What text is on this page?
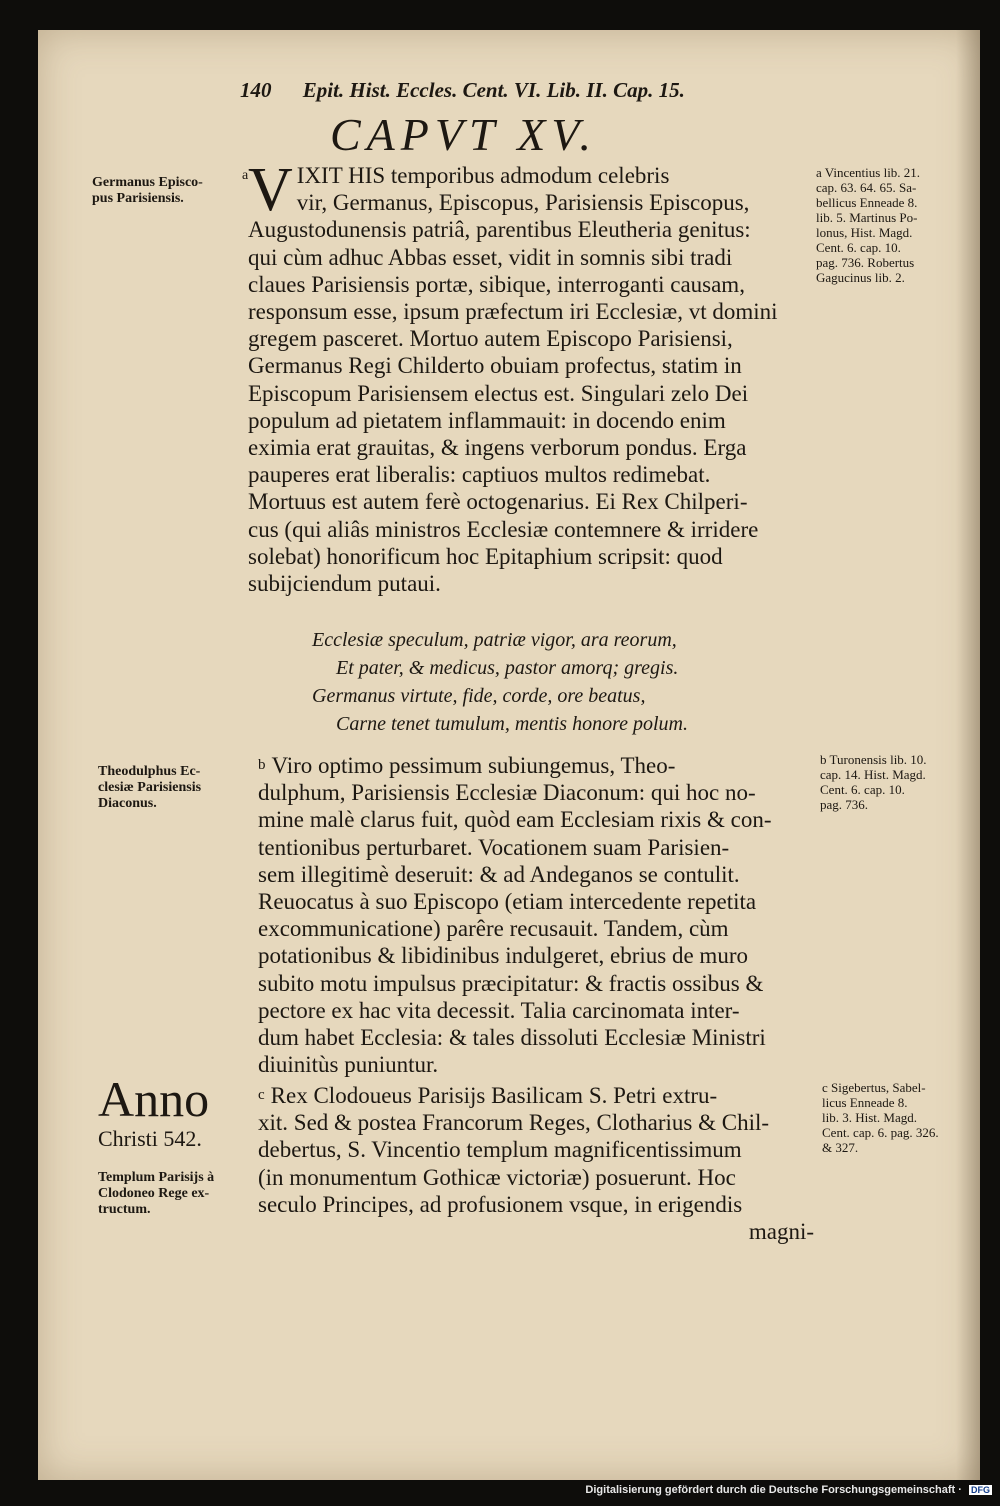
140 Epit. Hist. Eccles. Cent. VI. Lib. II. Cap. 15.
CAPVT XV.
Germanus Episco-
pus Parisiensis.
Theodulphus Ec-
clesiæ Parisiensis
Diaconus.
Anno
Christi 542.
Templum Parisijs à
Clodoneo Rege ex-
tructum.
a Vincentius lib. 21.
cap. 63. 64. 65. Sa-
bellicus Enneade 8.
lib. 5. Martinus Po-
lonus, Hist. Magd.
Cent. 6. cap. 10.
pag. 736. Robertus
Gagucinus lib. 2.
b Turonensis lib. 10.
cap. 14. Hist. Magd.
Cent. 6. cap. 10.
pag. 736.
c Sigebertus, Sabel-
licus Enneade 8.
lib. 3. Hist. Magd.
Cent. cap. 6. pag. 326.
& 327.
a V IXIT HIS temporibus admodum celebris
vir, Germanus, Episcopus, Parisiensis Episcopus,
Augustodunensis patriâ, parentibus Eleutheria genitus:
qui cùm adhuc Abbas esset, vidit in somnis sibi tradi
claues Parisiensis portæ, sibique, interroganti causam,
responsum esse, ipsum præfectum iri Ecclesiæ, vt domini
gregem pasceret. Mortuo autem Episcopo Parisiensi,
Germanus Regi Childerto obuiam profectus, statim in
Episcopum Parisiensem electus est. Singulari zelo Dei
populum ad pietatem inflammauit: in docendo enim
eximia erat grauitas, & ingens verborum pondus. Erga
pauperes erat liberalis: captiuos multos redimebat.
Mortuus est autem ferè octogenarius. Ei Rex Chilperi-
cus (qui aliâs ministros Ecclesiæ contemnere & irridere
solebat) honorificum hoc Epitaphium scripsit: quod
subijciendum putaui.
Ecclesiæ speculum, patriæ vigor, ara reorum,
Et pater, & medicus, pastor amorq; gregis.
Germanus virtute, fide, corde, ore beatus,
Carne tenet tumulum, mentis honore polum.
$^b$ Viro optimo pessimum subiungemus, Theo-
dulphum, Parisiensis Ecclesiæ Diaconum: qui hoc no-
mine malè clarus fuit, quòd eam Ecclesiam rixis & con-
tentionibus perturbaret. Vocationem suam Parisien-
sem illegitimè deseruit: & ad Andeganos se contulit.
Reuocatus à suo Episcopo (etiam intercedente repetita
excommunicatione) parêre recusauit. Tandem, cùm
potationibus & libidinibus indulgeret, ebrius de muro
subito motu impulsus præcipitatur: & fractis ossibus &
pectore ex hac vita decessit. Talia carcinomata inter-
dum habet Ecclesia: & tales dissoluti Ecclesiæ Ministri
diuinitùs puniuntur.
$^c$ Rex Clodoueus Parisijs Basilicam S. Petri extru-
xit. Sed & postea Francorum Reges, Clotharius & Chil-
debertus, S. Vincentio templum magnificentissimum
(in monumentum Gothicæ victoriæ) posuerunt. Hoc
seculo Principes, ad profusionem vsque, in erigendis
magni-
Digitalisierung gefördert durch die Deutsche Forschungsgemeinschaft · DFG
